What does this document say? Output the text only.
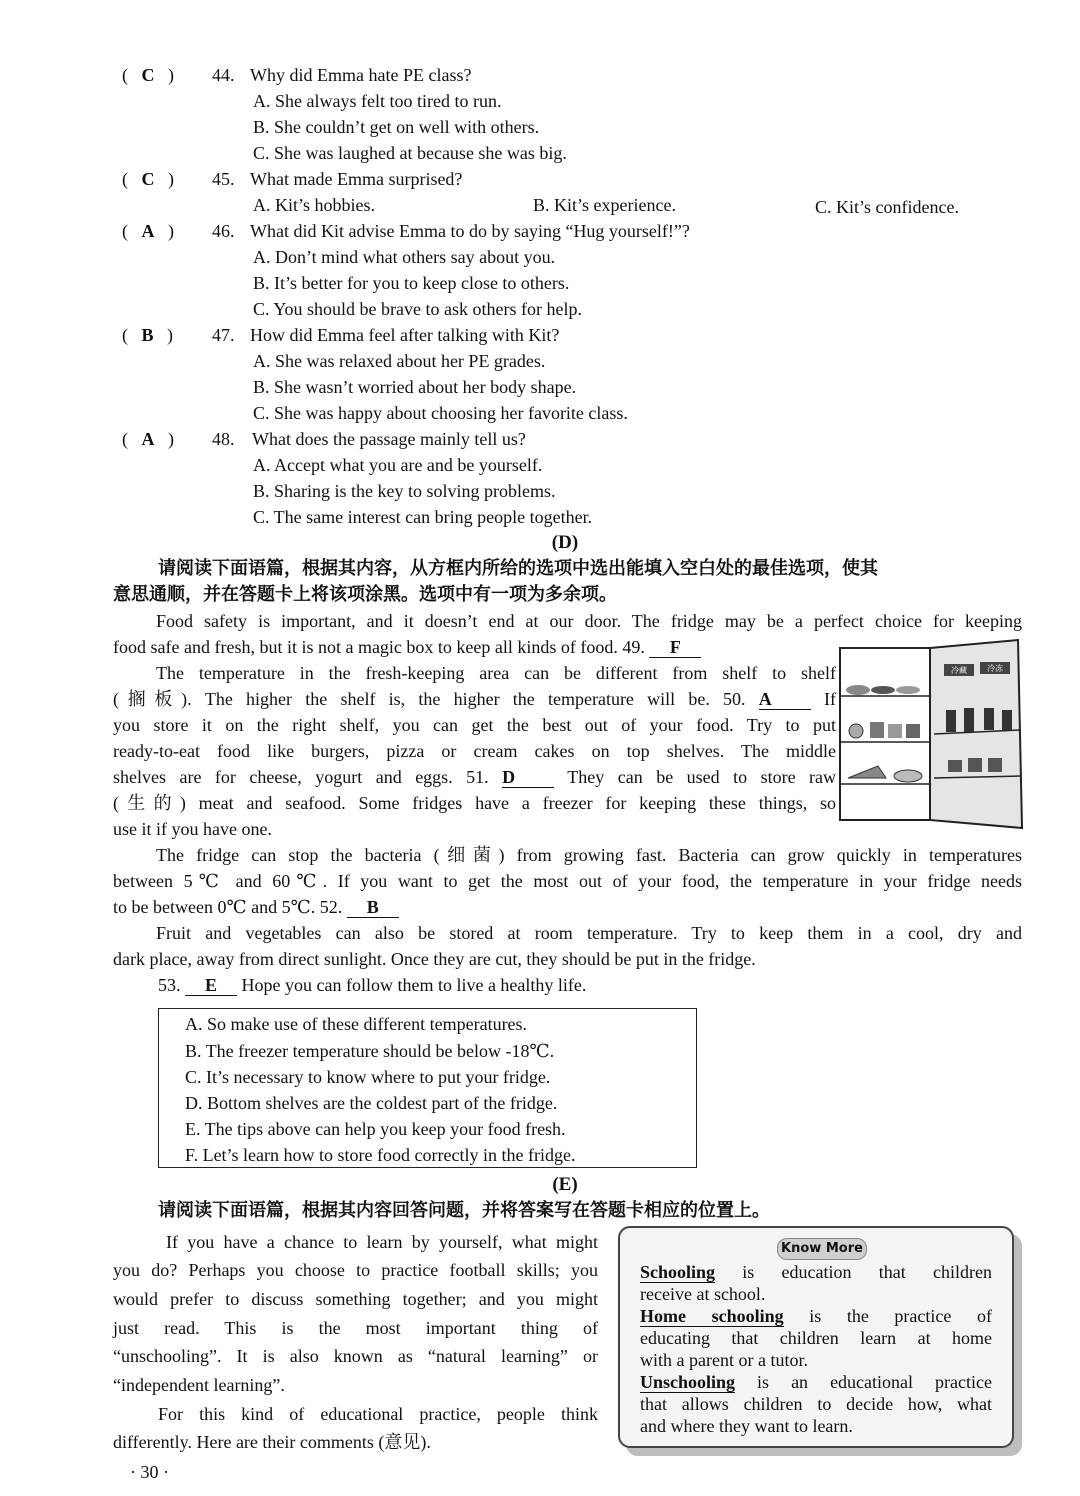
(   C   ) 44. Why did Emma hate PE class?
A. She always felt too tired to run.
B. She couldn’t get on well with others.
C. She was laughed at because she was big.
(   C   ) 45. What made Emma surprised?
A. Kit’s hobbies.	B. Kit’s experience.	C. Kit’s confidence.
(   A   ) 46. What did Kit advise Emma to do by saying “Hug yourself!”?
A. Don’t mind what others say about you.
B. It’s better for you to keep close to others.
C. You should be brave to ask others for help.
(   B   ) 47. How did Emma feel after talking with Kit?
A. She was relaxed about her PE grades.
B. She wasn’t worried about her body shape.
C. She was happy about choosing her favorite class.
(   A   ) 48. What does the passage mainly tell us?
A. Accept what you are and be yourself.
B. Sharing is the key to solving problems.
C. The same interest can bring people together.
(D)
请阅读下面语篇，根据其内容，从方框内所给的选项中选出能填入空白处的最佳选项，使其
意思通顺，并在答题卡上将该项涂黑。选项中有一项为多余项。
Food safety is important, and it doesn’t end at our door. The fridge may be a perfect choice for keeping
food safe and fresh, but it is not a magic box to keep all kinds of food. 49. F
The temperature in the fresh-keeping area can be different from shelf to shelf
(搁板). The higher the shelf is, the higher the temperature will be. 50. A	If
you store it on the right shelf, you can get the best out of your food. Try to put
ready-to-eat food like burgers, pizza or cream cakes on top shelves. The middle
shelves are for cheese, yogurt and eggs. 51. D	They can be used to store raw
(生的) meat and seafood. Some fridges have a freezer for keeping these things, so
use it if you have one.
冷藏	冷冻
The fridge can stop the bacteria (细菌) from growing fast. Bacteria can grow quickly in temperatures
between 5℃ and 60℃. If you want to get the most out of your food, the temperature in your fridge needs
to be between 0℃ and 5℃. 52. B
Fruit and vegetables can also be stored at room temperature. Try to keep them in a cool, dry and
dark place, away from direct sunlight. Once they are cut, they should be put in the fridge.
53. E Hope you can follow them to live a healthy life.
A. So make use of these different temperatures.
B. The freezer temperature should be below -18℃.
C. It’s necessary to know where to put your fridge.
D. Bottom shelves are the coldest part of the fridge.
E. The tips above can help you keep your food fresh.
F. Let’s learn how to store food correctly in the fridge.
(E)
请阅读下面语篇，根据其内容回答问题，并将答案写在答题卡相应的位置上。
If you have a chance to learn by yourself, what might
you do? Perhaps you choose to practice football skills; you
would prefer to discuss something together; and you might
just read. This is the most important thing of
“unschooling”. It is also known as “natural learning” or
“independent learning”.
For this kind of educational practice, people think
differently. Here are their comments (意见).
Know More
Schooling is education that children
receive at school.
Home schooling is the practice of
educating that children learn at home
with a parent or a tutor.
Unschooling is an educational practice
that allows children to decide how, what
and where they want to learn.
· 30 ·
